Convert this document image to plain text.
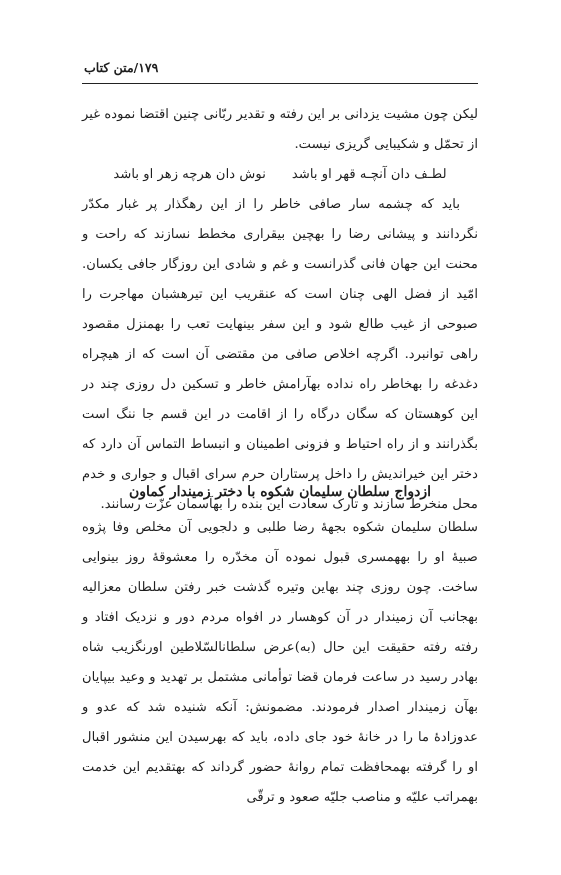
۱۷۹/متن کتاب

لیکن چون مشیت یزدانی بر این رفته و تقدیر ربّانی چنین اقتضا نموده غیر از تحمّل و شکیبایی گریزی نیست.

لطـف دان آنچـه قهر او باشد
نوش دان هرچه زهر او باشد

باید که چشمه سار صافی خاطر را از این رهگذار پر غبار مکدّر نگردانند و پیشانی رضا را بهچین بیقراری مخطط نسازند که راحت و محنت این جهان فانی گذرانست و غم و شادی این روزگار جافی یکسان. امّید از فضل الهی چنان است که عنقریب این تیرهشبان مهاجرت را صبوحی از غیب طالع شود و این سفر بینهایت تعب را بهمنزل مقصود راهی توانبرد. اگرچه اخلاص صافی من مقتضی آن است که از هیچراه دغدغه را بهخاطر راه نداده بهآرامش خاطر و تسکین دل روزی چند در این کوهستان که سگان درگاه را از اقامت در این قسم جا ننگ است بگذرانند و از راه احتیاط و فزونی اطمینان و انبساط التماس آن دارد که دختر این خیراندیش را داخل پرستاران حرم سرای اقبال و جواری و خدم محل منخرط سازند و تارک سعادت این بنده را بهآسمان عزّت رسانند.

ازدواج سلطان سلیمان شکوه با دختر زمیندار کماون

سلطان سلیمان شکوه بجهۀ رضا طلبی و دلجویی آن مخلص وفا پژوه صبیۀ او را بههمسری قبول نموده آن مخدّره را معشوقۀ روز بینوایی ساخت. چون روزی چند بهاین وتیره گذشت خبر رفتن سلطان معزالیه بهجانب آن زمیندار در آن کوهسار در افواه مردم دور و نزدیک افتاد و رفته رفته حقیقت این حال (به)عرض سلطانالسّلاطین اورنگزیب شاه بهادر رسید در ساعت فرمان قضا توأمانی مشتمل بر تهدید و وعید بیپایان بهآن زمیندار اصدار فرمودند. مضمونش: آنکه شنیده شد که عدو و عدوزادۀ ما را در خانۀ خود جای داده، باید که بهرسیدن این منشور اقبال او را گرفته بهمحافظت تمام روانۀ حضور گرداند که بهتقدیم این خدمت بهمراتب علیّه و مناصب جلیّه صعود و ترقّی
